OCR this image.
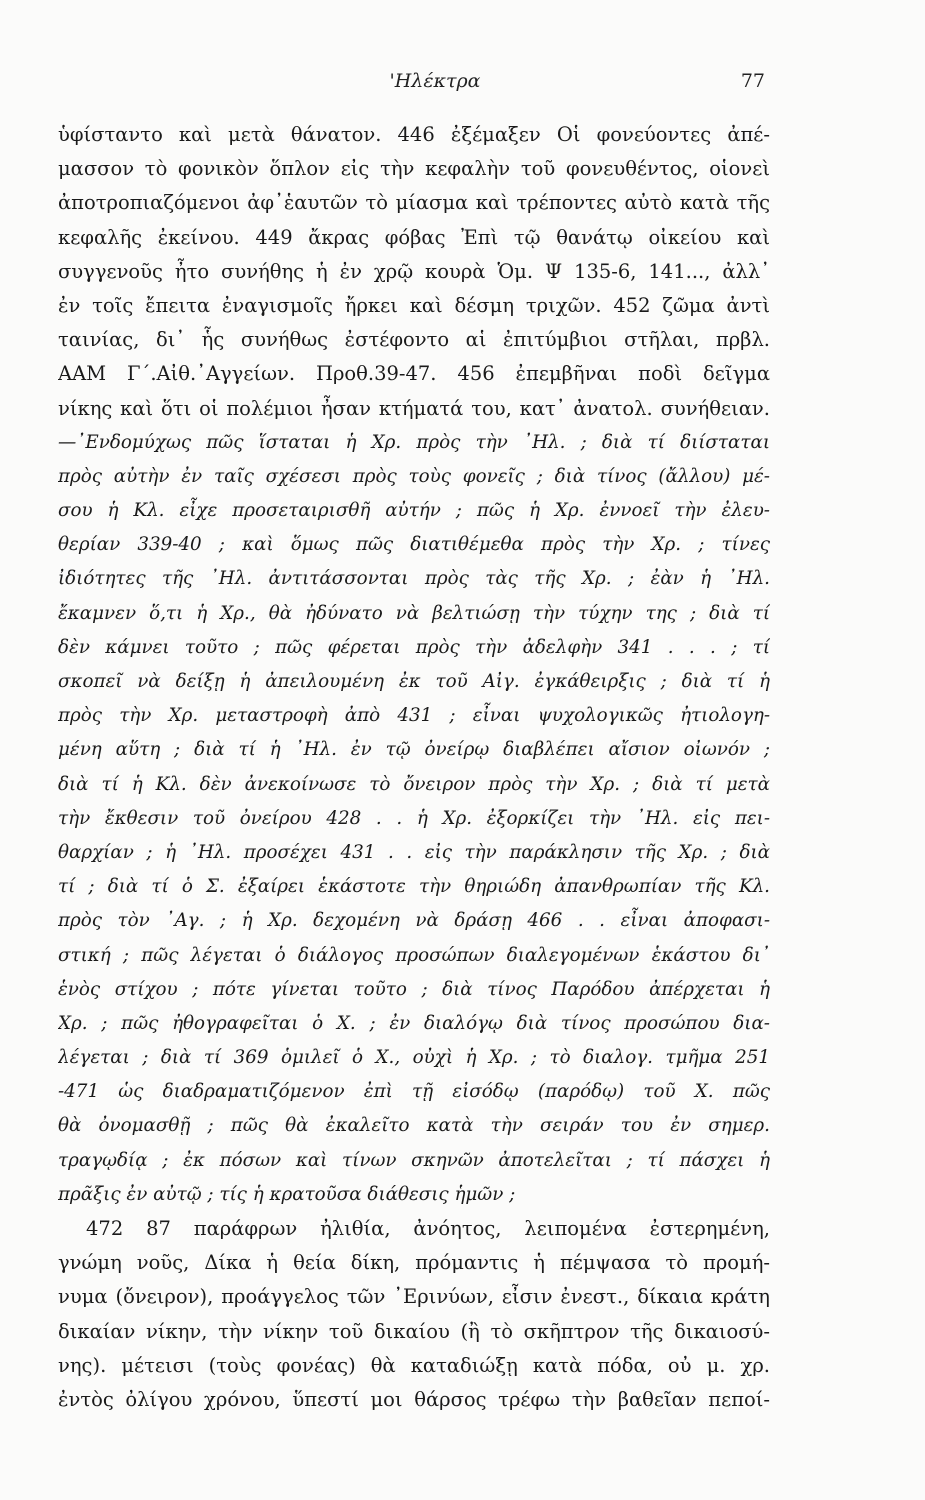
'Ηλέκτρα	77
ὑφίσταντο καὶ μετὰ θάνατον. 446 ἐξέμαξεν Οἱ φονεύοντες ἀπέ-
μασσον τὸ φονικὸν ὅπλον εἰς τὴν κεφαλὴν τοῦ φονευθέντος, οἱονεὶ
ἀποτροπιαζόμενοι ἀφ᾽ἑαυτῶν τὸ μίασμα καὶ τρέποντες αὐτὸ κατὰ τῆς
κεφαλῆς ἐκείνου. 449 ἄκρας φόβας Ἐπὶ τῷ θανάτῳ οἰκείου καὶ
συγγενοῦς ἦτο συνήθης ἡ ἐν χρῷ κουρὰ Ὁμ. Ψ 135-6, 141..., ἀλλ᾽
ἐν τοῖς ἔπειτα ἐναγισμοῖς ἤρκει καὶ δέσμη τριχῶν. 452 ζῶμα ἀντὶ
ταινίας, δι᾽ ἧς συνήθως ἐστέφοντο αἱ ἐπιτύμβιοι στῆλαι, πρβλ.
ΑΑΜ Γ΄.Αἰθ.᾽Αγγείων. Προθ.39-47. 456 ἐπεμβῆναι ποδὶ δεῖγμα
νίκης καὶ ὅτι οἱ πολέμιοι ἦσαν κτήματά του, κατ᾽ ἀνατολ. συνήθειαν.
—᾽Ενδομύχως πῶς ἵσταται ἡ Χρ. πρὸς τὴν ᾽Ηλ. ; διὰ τί διίσταται
πρὸς αὐτὴν ἐν ταῖς σχέσεσι πρὸς τοὺς φονεῖς ; διὰ τίνος (ἄλλου) μέ-
σου ἡ Κλ. εἶχε προσεταιρισθῆ αὐτήν ; πῶς ἡ Χρ. ἐννοεῖ τὴν ἐλευ-
θερίαν 339-40 ; καὶ ὅμως πῶς διατιθέμεθα πρὸς τὴν Χρ. ; τίνες
ἰδιότητες τῆς ᾽Ηλ. ἀντιτάσσονται πρὸς τὰς τῆς Χρ. ; ἐὰν ἡ ᾽Ηλ.
ἔκαμνεν ὅ,τι ἡ Χρ., θὰ ἠδύνατο νὰ βελτιώσῃ τὴν τύχην της ; διὰ τί
δὲν κάμνει τοῦτο ; πῶς φέρεται πρὸς τὴν ἀδελφὴν 341 . . . ; τί
σκοπεῖ νὰ δείξῃ ἡ ἀπειλουμένη ἐκ τοῦ Αἰγ. ἐγκάθειρξις ; διὰ τί ἡ
πρὸς τὴν Χρ. μεταστροφὴ ἀπὸ 431 ; εἶναι ψυχολογικῶς ἠτιολογη-
μένη αὕτη ; διὰ τί ἡ ᾽Ηλ. ἐν τῷ ὀνείρῳ διαβλέπει αἴσιον οἰωνόν ;
διὰ τί ἡ Κλ. δὲν ἀνεκοίνωσε τὸ ὄνειρον πρὸς τὴν Χρ. ; διὰ τί μετὰ
τὴν ἔκθεσιν τοῦ ὀνείρου 428 . . ἡ Χρ. ἐξορκίζει τὴν ᾽Ηλ. εἰς πει-
θαρχίαν ; ἡ ᾽Ηλ. προσέχει 431 . . εἰς τὴν παράκλησιν τῆς Χρ. ; διὰ
τί ; διὰ τί ὁ Σ. ἐξαίρει ἑκάστοτε τὴν θηριώδη ἀπανθρωπίαν τῆς Κλ.
πρὸς τὸν ᾽Αγ. ; ἡ Χρ. δεχομένη νὰ δράσῃ 466 . . εἶναι ἀποφασι-
στική ; πῶς λέγεται ὁ διάλογος προσώπων διαλεγομένων ἑκάστου δι᾽
ἑνὸς στίχου ; πότε γίνεται τοῦτο ; διὰ τίνος Παρόδου ἀπέρχεται ἡ
Χρ. ; πῶς ἠθογραφεῖται ὁ Χ. ; ἐν διαλόγῳ διὰ τίνος προσώπου δια-
λέγεται ; διὰ τί 369 ὁμιλεῖ ὁ Χ., οὐχὶ ἡ Χρ. ; τὸ διαλογ. τμῆμα 251
-471 ὡς διαδραματιζόμενον ἐπὶ τῇ εἰσόδῳ (παρόδῳ) τοῦ Χ. πῶς
θὰ ὀνομασθῇ ; πῶς θὰ ἐκαλεῖτο κατὰ τὴν σειράν του ἐν σημερ.
τραγῳδίᾳ ; ἐκ πόσων καὶ τίνων σκηνῶν ἀποτελεῖται ; τί πάσχει ἡ
πρᾶξις ἐν αὐτῷ ; τίς ἡ κρατοῦσα διάθεσις ἡμῶν ;
472 87 παράφρων ἠλιθία, ἀνόητος, λειπομένα ἐστερημένη,
γνώμη νοῦς, Δίκα ἡ θεία δίκη, πρόμαντις ἡ πέμψασα τὸ προμή-
νυμα (ὄνειρον), προάγγελος τῶν ᾽Ερινύων, εἶσιν ἐνεστ., δίκαια κράτη
δικαίαν νίκην, τὴν νίκην τοῦ δικαίου (ἢ τὸ σκῆπτρον τῆς δικαιοσύ-
νης). μέτεισι (τοὺς φονέας) θὰ καταδιώξῃ κατὰ πόδα, οὐ μ. χρ.
ἐντὸς ὀλίγου χρόνου, ὕπεστί μοι θάρσος τρέφω τὴν βαθεῖαν πεποί-
